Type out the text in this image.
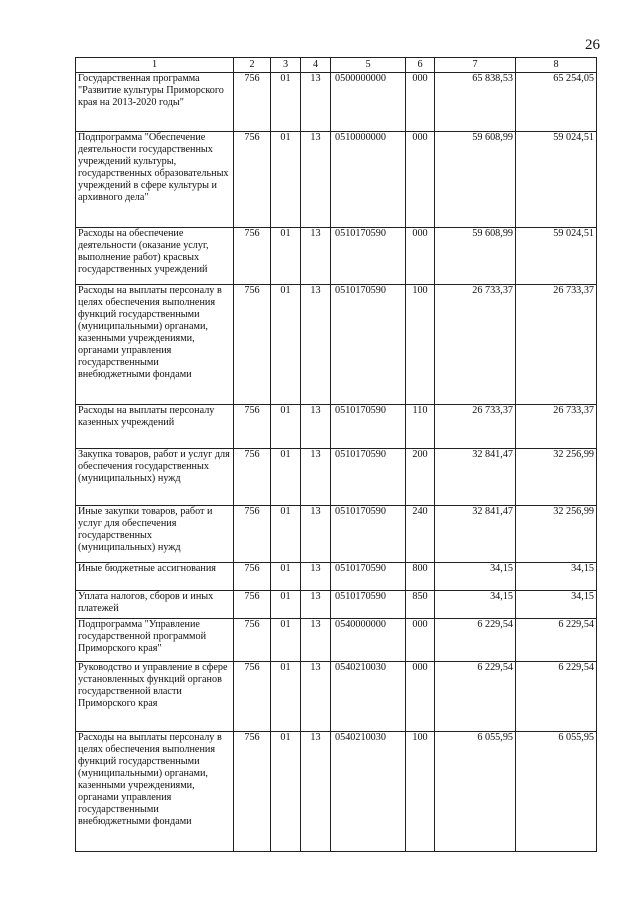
26
1	2	3	4	5	6	7	8
Государственная программа "Развитие культуры Приморского края на 2013-2020 годы"	756	01	13	0500000000	000	65 838,53	65 254,05
Подпрограмма "Обеспечение деятельности государственных учреждений культуры, государственных образовательных учреждений в сфере культуры и архивного дела"	756	01	13	0510000000	000	59 608,99	59 024,51
Расходы на обеспечение деятельности (оказание услуг, выполнение работ) красвых государственных учреждений	756	01	13	0510170590	000	59 608,99	59 024,51
Расходы на выплаты персоналу в целях обеспечения выполнения функций государственными (муниципальными) органами, казенными учреждениями, органами управления государственными внебюджетными фондами	756	01	13	0510170590	100	26 733,37	26 733,37
Расходы на выплаты персоналу казенных учреждений	756	01	13	0510170590	110	26 733,37	26 733,37
Закупка товаров, работ и услуг для обеспечения государственных (муниципальных) нужд	756	01	13	0510170590	200	32 841,47	32 256,99
Иные закупки товаров, работ и услуг для обеспечения государственных (муниципальных) нужд	756	01	13	0510170590	240	32 841,47	32 256,99
Иные бюджетные ассигнования	756	01	13	0510170590	800	34,15	34,15
Уплата налогов, сборов и иных платежей	756	01	13	0510170590	850	34,15	34,15
Подпрограмма "Управление государственной программой Приморского края"	756	01	13	0540000000	000	6 229,54	6 229,54
Руководство и управление в сфере установленных функций органов государственной власти Приморского края	756	01	13	0540210030	000	6 229,54	6 229,54
Расходы на выплаты персоналу в целях обеспечения выполнения функций государственными (муниципальными) органами, казенными учреждениями, органами управления государственными внебюджетными фондами	756	01	13	0540210030	100	6 055,95	6 055,95
